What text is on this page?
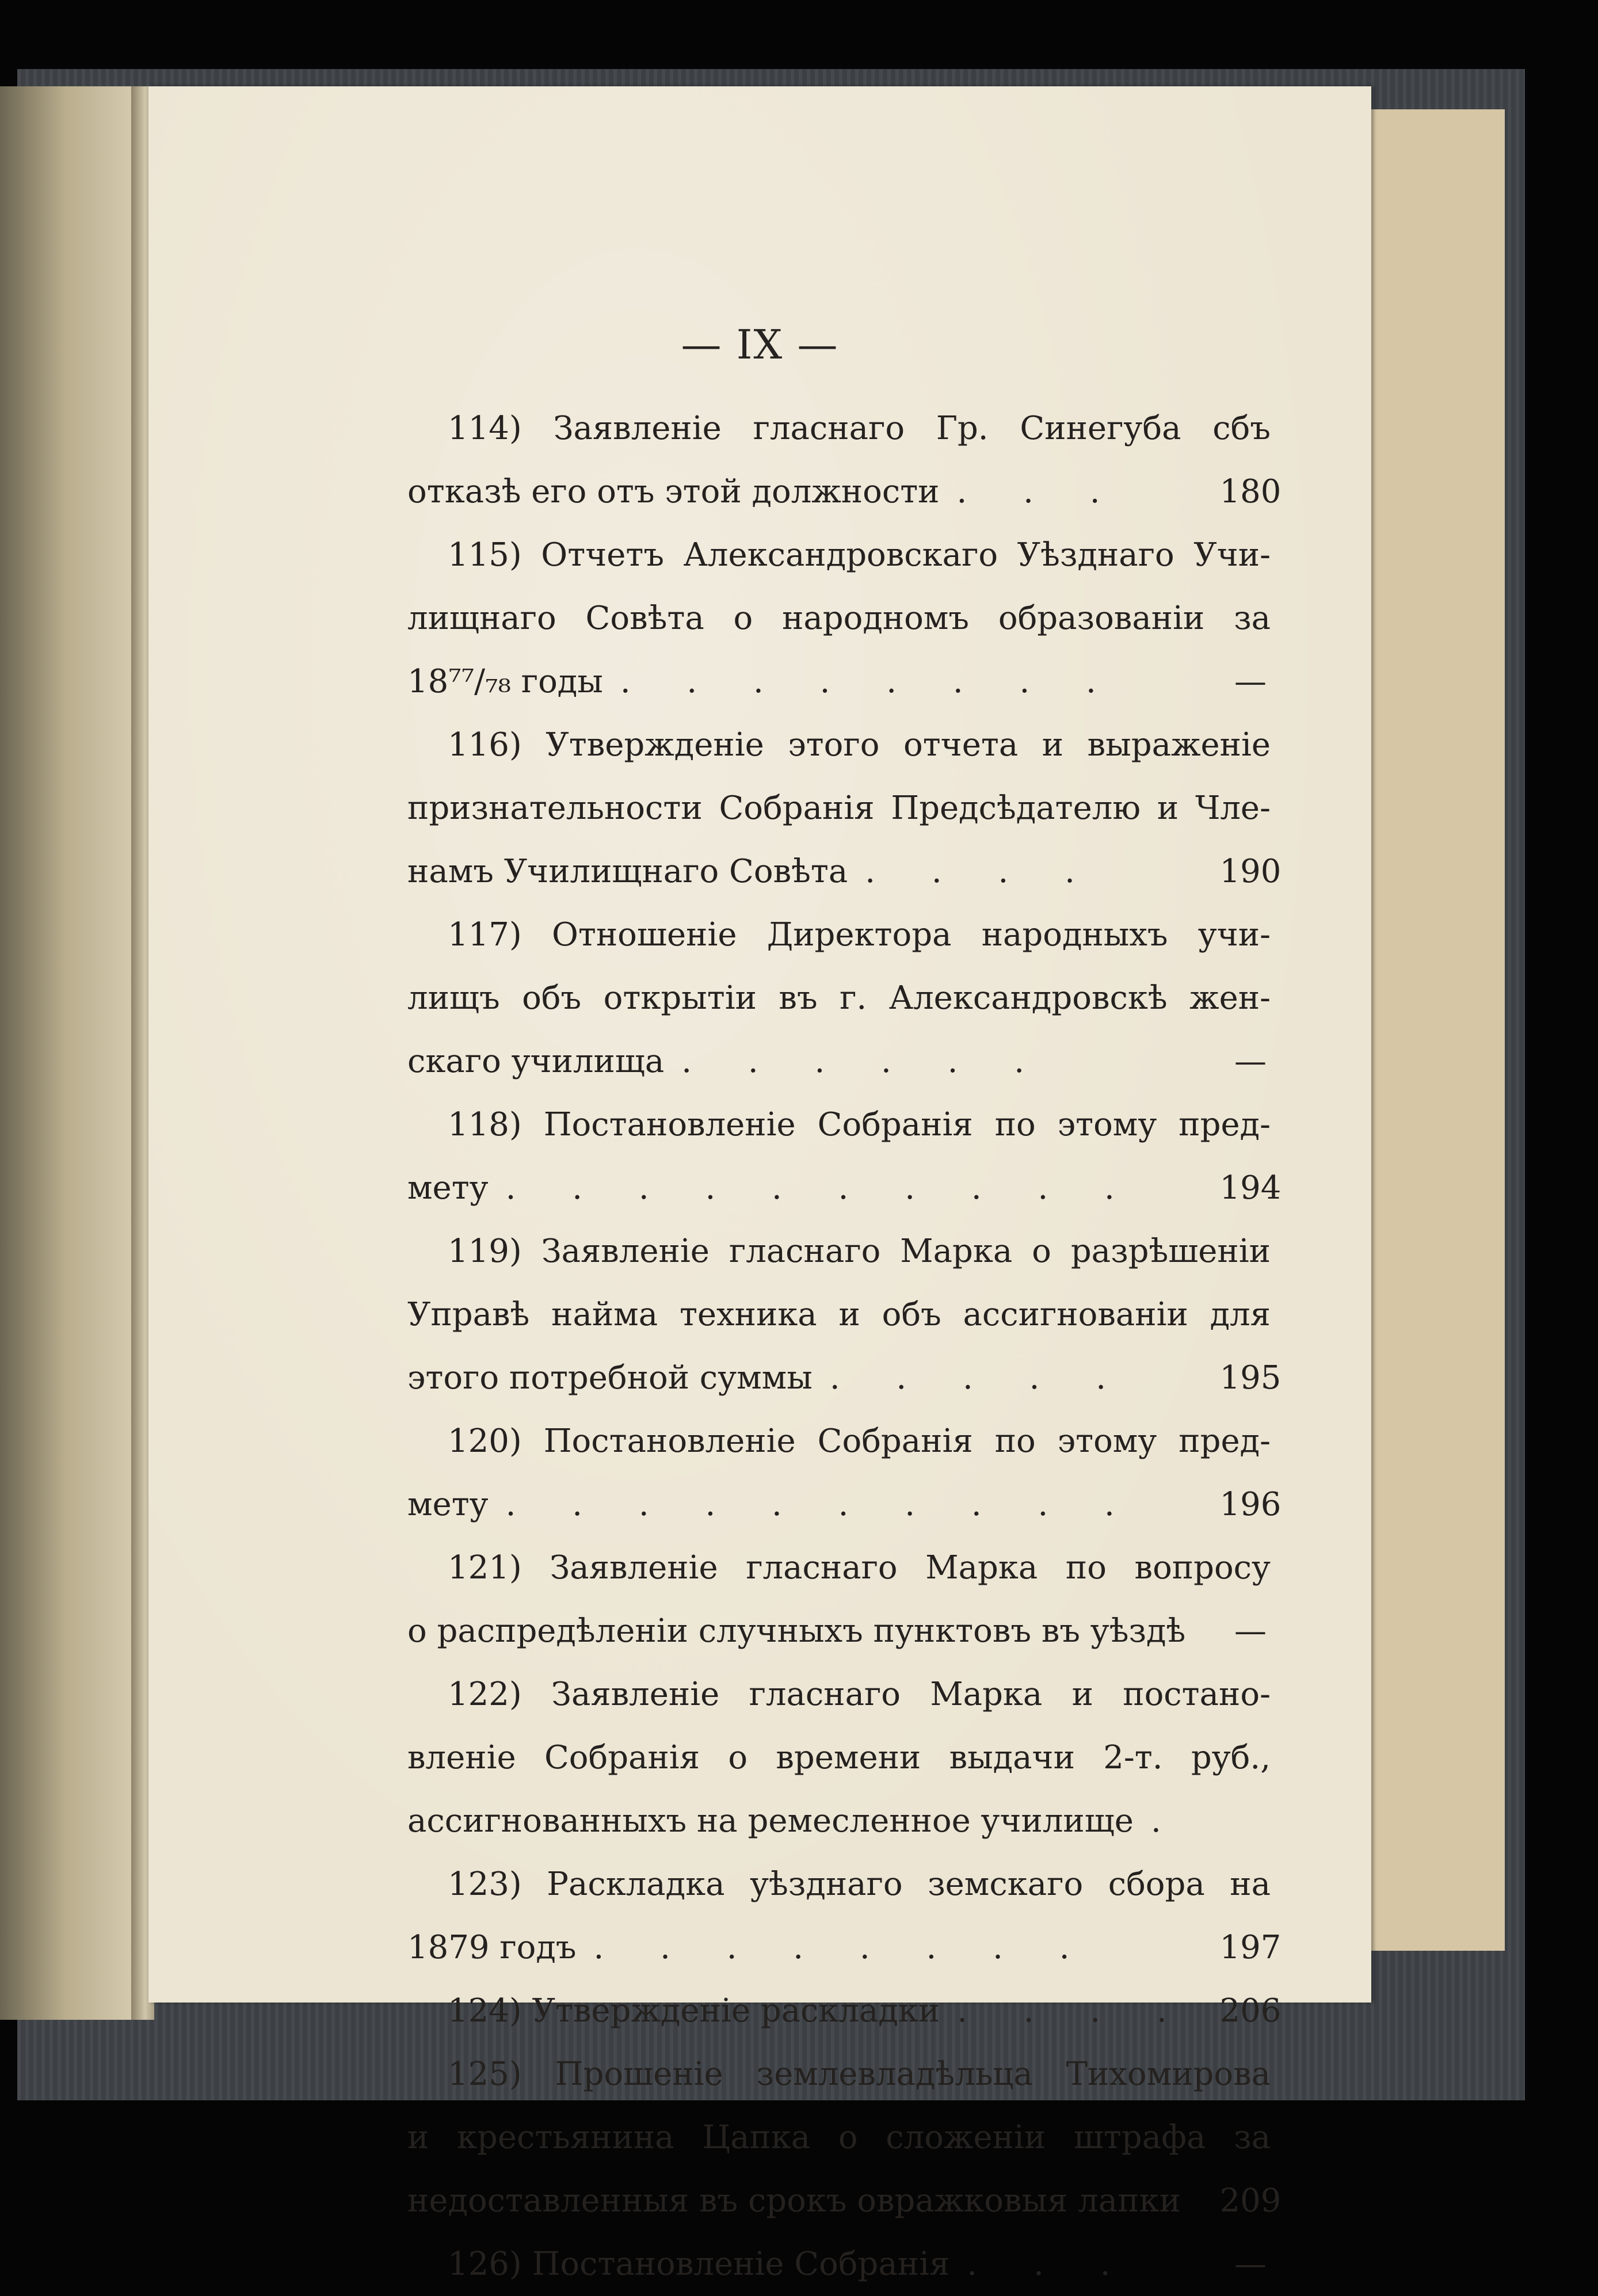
— IX —
114) Заявленіе гласнаго Гр. Синегуба сбъ
отказѣ его отъ этой должности . . .
115) Отчетъ Александровскаго Уѣзднаго Учи-
лищнаго Совѣта о народномъ образованіи за
18⁷⁷/₇₈ годы . . . . . . . .
116) Утвержденіе этого отчета и выраженіе
признательности Собранія Предсѣдателю и Чле-
намъ Училищнаго Совѣта . . . .
117) Отношеніе Директора народныхъ учи-
лищъ объ открытіи въ г. Александровскѣ жен-
скаго училища . . . . . .
118) Постановленіе Собранія по этому пред-
мету . . . . . . . . . .
119) Заявленіе гласнаго Марка о разрѣшеніи
Управѣ найма техника и объ ассигнованіи для
этого потребной суммы . . . . .
120) Постановленіе Собранія по этому пред-
мету . . . . . . . . . .
121) Заявленіе гласнаго Марка по вопросу
о распредѣленіи случныхъ пунктовъ въ уѣздѣ
122) Заявленіе гласнаго Марка и постано-
вленіе Собранія о времени выдачи 2-т. руб.,
ассигнованныхъ на ремесленное училище .
123) Раскладка уѣзднаго земскаго сбора на
1879 годъ . . . . . . . .
124) Утвержденіе раскладки . . . .
125) Прошеніе землевладѣльца Тихомирова
и крестьянина Цапка о сложеніи штрафа за
недоставленныя въ срокъ овражковыя лапки
126) Постановленіе Собранія . . .
180
—
190
—
194
195
196
—
197
206
209
—
